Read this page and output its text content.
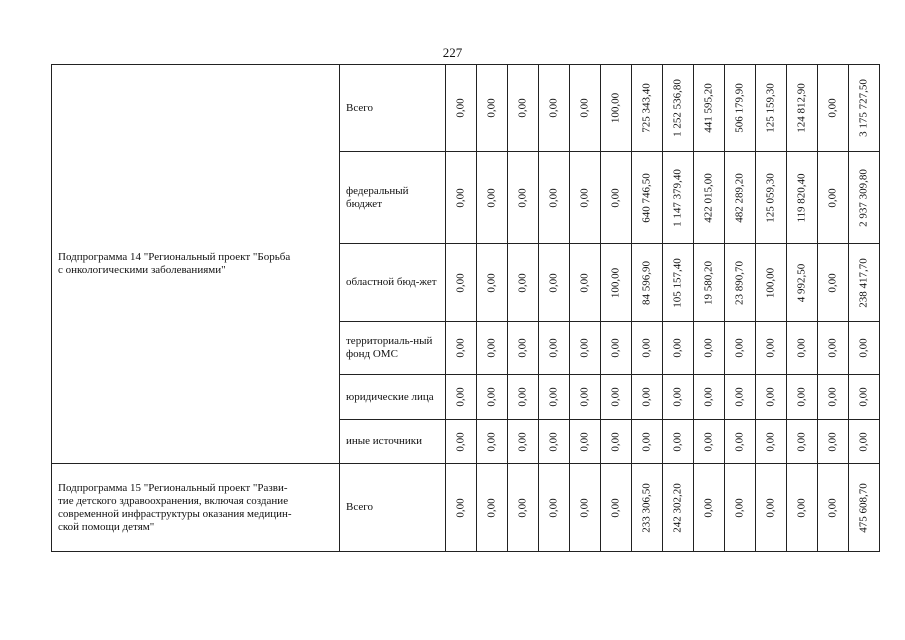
227
Подпрограмма 14 "Региональный проект "Борьба
с онкологическими заболеваниями"	Всего	0,00	0,00	0,00	0,00	0,00	100,00	725 343,40	1 252 536,80	441 595,20	506 179,90	125 159,30	124 812,90	0,00	3 175 727,50

	федеральный бюджет	0,00	0,00	0,00	0,00	0,00	0,00	640 746,50	1 147 379,40	422 015,00	482 289,20	125 059,30	119 820,40	0,00	2 937 309,80

	областной бюд-жет	0,00	0,00	0,00	0,00	0,00	100,00	84 596,90	105 157,40	19 580,20	23 890,70	100,00	4 992,50	0,00	238 417,70

	территориаль-ный фонд ОМС	0,00	0,00	0,00	0,00	0,00	0,00	0,00	0,00	0,00	0,00	0,00	0,00	0,00	0,00

	юридические лица	0,00	0,00	0,00	0,00	0,00	0,00	0,00	0,00	0,00	0,00	0,00	0,00	0,00	0,00

	иные источники	0,00	0,00	0,00	0,00	0,00	0,00	0,00	0,00	0,00	0,00	0,00	0,00	0,00	0,00

Подпрограмма 15 "Региональный проект "Разви-
тие детского здравоохранения, включая создание
современной инфраструктуры оказания медицин-
ской помощи детям"	Всего	0,00	0,00	0,00	0,00	0,00	0,00	233 306,50	242 302,20	0,00	0,00	0,00	0,00	0,00	475 608,70
